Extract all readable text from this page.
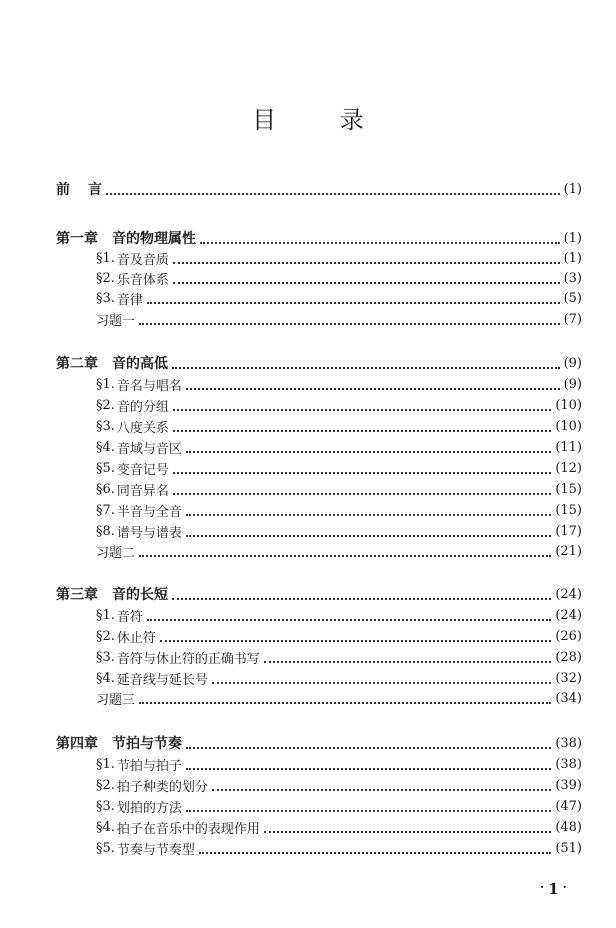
目 录
前 言	(1)
第一章 音的物理属性	(1)
§1. 音及音质	(1)
§2. 乐音体系	(3)
§3. 音律	(5)
习题一	(7)
第二章 音的高低	(9)
§1. 音名与唱名	(9)
§2. 音的分组	(10)
§3. 八度关系	(10)
§4. 音域与音区	(11)
§5. 变音记号	(12)
§6. 同音异名	(15)
§7. 半音与全音	(15)
§8. 谱号与谱表	(17)
习题二	(21)
第三章 音的长短	(24)
§1. 音符	(24)
§2. 休止符	(26)
§3. 音符与休止符的正确书写	(28)
§4. 延音线与延长号	(32)
习题三	(34)
第四章 节拍与节奏	(38)
§1. 节拍与拍子	(38)
§2. 拍子种类的划分	(39)
§3. 划拍的方法	(47)
§4. 拍子在音乐中的表现作用	(48)
§5. 节奏与节奏型	(51)
· 1 ·
